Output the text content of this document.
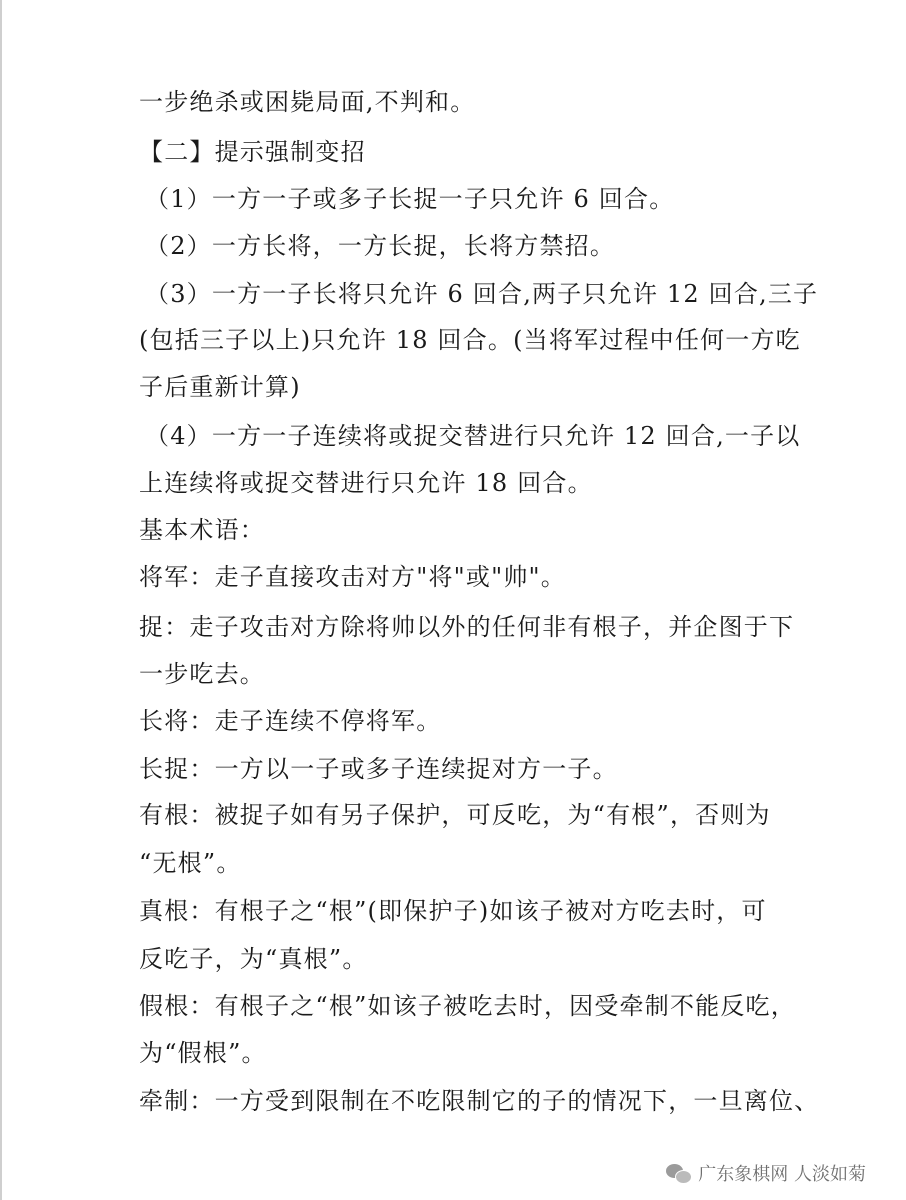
一步绝杀或困毙局面,不判和。
【二】提示强制变招
（1）一方一子或多子长捉一子只允许 6 回合。
（2）一方长将，一方长捉，长将方禁招。
（3）一方一子长将只允许 6 回合,两子只允许 12 回合,三子
(包括三子以上)只允许 18 回合。(当将军过程中任何一方吃
子后重新计算)
（4）一方一子连续将或捉交替进行只允许 12 回合,一子以
上连续将或捉交替进行只允许 18 回合。
基本术语：
将军：走子直接攻击对方"将"或"帅"。
捉：走子攻击对方除将帅以外的任何非有根子，并企图于下
一步吃去。
长将：走子连续不停将军。
长捉：一方以一子或多子连续捉对方一子。
有根：被捉子如有另子保护，可反吃，为“有根”，否则为
“无根”。
真根：有根子之“根”(即保护子)如该子被对方吃去时，可
反吃子，为“真根”。
假根：有根子之“根”如该子被吃去时，因受牵制不能反吃，
为“假根”。
牵制：一方受到限制在不吃限制它的子的情况下，一旦离位、
广东象棋网 人淡如菊
